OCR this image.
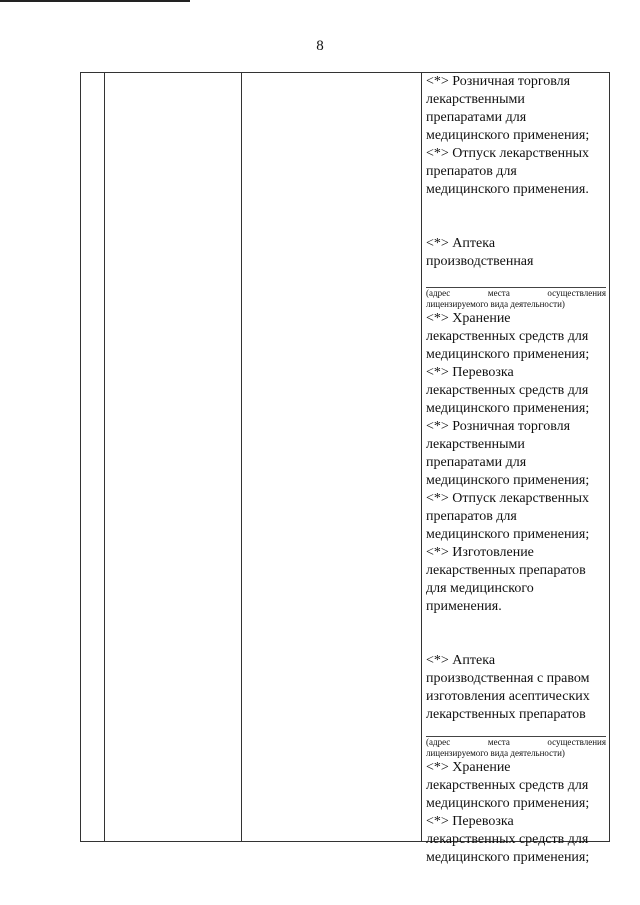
8
<*> Розничная торговля
лекарственными
препаратами для
медицинского применения;
<*> Отпуск лекарственных
препаратов для
медицинского применения.
<*> Аптека
производственная
(адрес	места	осуществления
лицензируемого вида деятельности)
<*> Хранение
лекарственных средств для
медицинского применения;
<*> Перевозка
лекарственных средств для
медицинского применения;
<*> Розничная торговля
лекарственными
препаратами для
медицинского применения;
<*> Отпуск лекарственных
препаратов для
медицинского применения;
<*> Изготовление
лекарственных препаратов
для медицинского
применения.
<*> Аптека
производственная с правом
изготовления асептических
лекарственных препаратов
(адрес	места	осуществления
лицензируемого вида деятельности)
<*> Хранение
лекарственных средств для
медицинского применения;
<*> Перевозка
лекарственных средств для
медицинского применения;
